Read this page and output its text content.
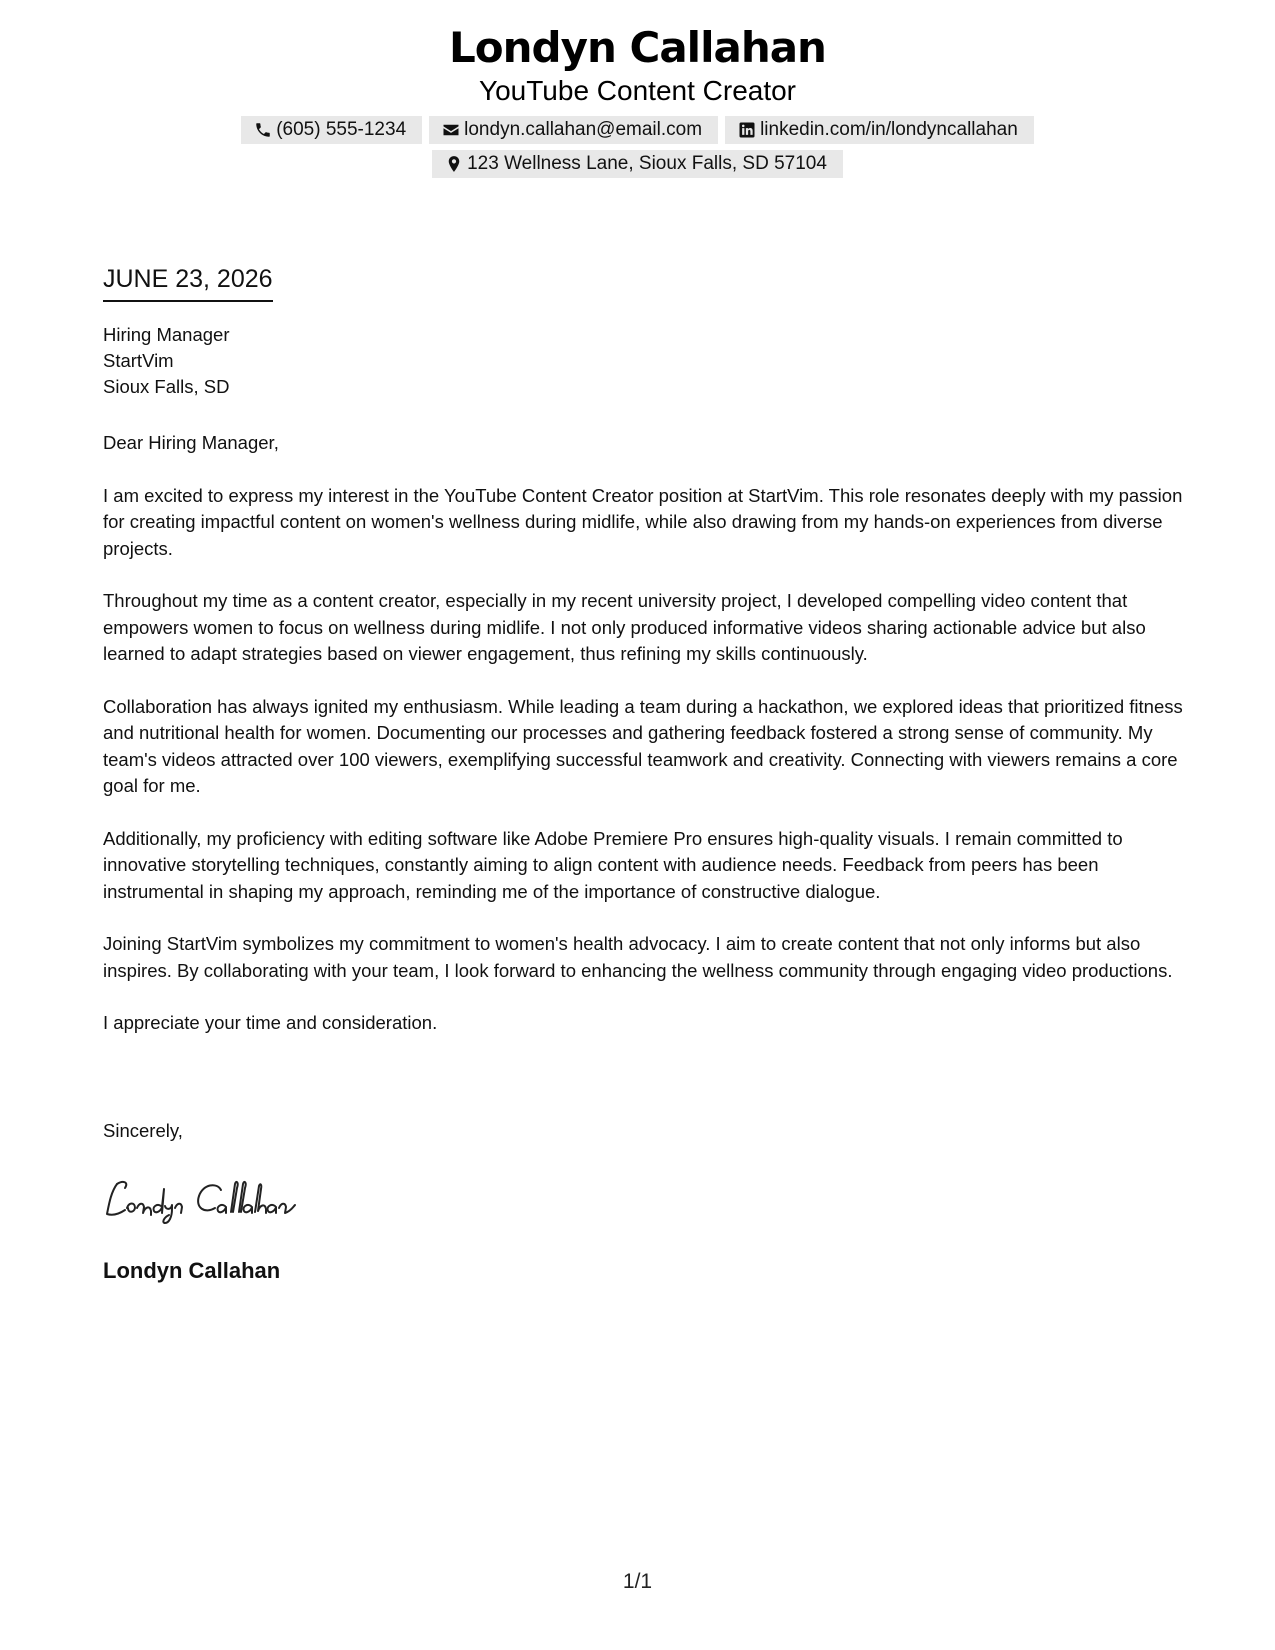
Londyn Callahan
YouTube Content Creator
(605) 555-1234	londyn.callahan@email.com	linkedin.com/in/londyncallahan
123 Wellness Lane, Sioux Falls, SD 57104
JUNE 23, 2026
Hiring Manager
StartVim
Sioux Falls, SD

Dear Hiring Manager,

I am excited to express my interest in the YouTube Content Creator position at StartVim. This role resonates deeply with my passion for creating impactful content on women's wellness during midlife, while also drawing from my hands-on experiences from diverse projects.

Throughout my time as a content creator, especially in my recent university project, I developed compelling video content that empowers women to focus on wellness during midlife. I not only produced informative videos sharing actionable advice but also learned to adapt strategies based on viewer engagement, thus refining my skills continuously.

Collaboration has always ignited my enthusiasm. While leading a team during a hackathon, we explored ideas that prioritized fitness and nutritional health for women. Documenting our processes and gathering feedback fostered a strong sense of community. My team's videos attracted over 100 viewers, exemplifying successful teamwork and creativity. Connecting with viewers remains a core goal for me.

Additionally, my proficiency with editing software like Adobe Premiere Pro ensures high-quality visuals. I remain committed to innovative storytelling techniques, constantly aiming to align content with audience needs. Feedback from peers has been instrumental in shaping my approach, reminding me of the importance of constructive dialogue.

Joining StartVim symbolizes my commitment to women's health advocacy. I aim to create content that not only informs but also inspires. By collaborating with your team, I look forward to enhancing the wellness community through engaging video productions.

I appreciate your time and consideration.

Sincerely,
Londyn Callahan
1/1
